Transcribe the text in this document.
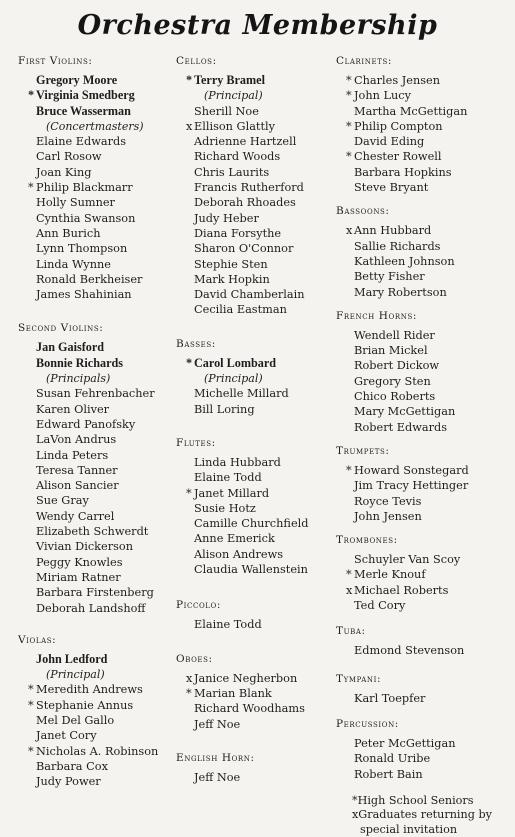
Orchestra Membership
First Violins:
Gregory Moore
* Virginia Smedberg
Bruce Wasserman
(Concertmasters)
Elaine Edwards
Carl Rosow
Joan King
* Philip Blackmarr
Holly Sumner
Cynthia Swanson
Ann Burich
Lynn Thompson
Linda Wynne
Ronald Berkheiser
James Shahinian
Second Violins:
Jan Gaisford
Bonnie Richards
(Principals)
Susan Fehrenbacher
Karen Oliver
Edward Panofsky
LaVon Andrus
Linda Peters
Teresa Tanner
Alison Sancier
Sue Gray
Wendy Carrel
Elizabeth Schwerdt
Vivian Dickerson
Peggy Knowles
Miriam Ratner
Barbara Firstenberg
Deborah Landshoff
Violas:
John Ledford
(Principal)
* Meredith Andrews
* Stephanie Annus
Mel Del Gallo
Janet Cory
* Nicholas A. Robinson
Barbara Cox
Judy Power
Cellos:
* Terry Bramel
(Principal)
Sherill Noe
x Ellison Glattly
Adrienne Hartzell
Richard Woods
Chris Laurits
Francis Rutherford
Deborah Rhoades
Judy Heber
Diana Forsythe
Sharon O'Connor
Stephie Sten
Mark Hopkin
David Chamberlain
Cecilia Eastman
Basses:
* Carol Lombard
(Principal)
Michelle Millard
Bill Loring
Flutes:
Linda Hubbard
Elaine Todd
* Janet Millard
Susie Hotz
Camille Churchfield
Anne Emerick
Alison Andrews
Claudia Wallenstein
Piccolo:
Elaine Todd
Oboes:
x Janice Negherbon
* Marian Blank
Richard Woodhams
Jeff Noe
English Horn:
Jeff Noe
Clarinets:
* Charles Jensen
* John Lucy
Martha McGettigan
* Philip Compton
David Eding
* Chester Rowell
Barbara Hopkins
Steve Bryant
Bassoons:
x Ann Hubbard
Sallie Richards
Kathleen Johnson
Betty Fisher
Mary Robertson
French Horns:
Wendell Rider
Brian Mickel
Robert Dickow
Gregory Sten
Chico Roberts
Mary McGettigan
Robert Edwards
Trumpets:
* Howard Sonstegard
Jim Tracy Hettinger
Royce Tevis
John Jensen
Trombones:
Schuyler Van Scoy
* Merle Knouf
x Michael Roberts
Ted Cory
Tuba:
Edmond Stevenson
Tympani:
Karl Toepfer
Percussion:
Peter McGettigan
Ronald Uribe
Robert Bain
*High School Seniors
xGraduates returning by
special invitation
